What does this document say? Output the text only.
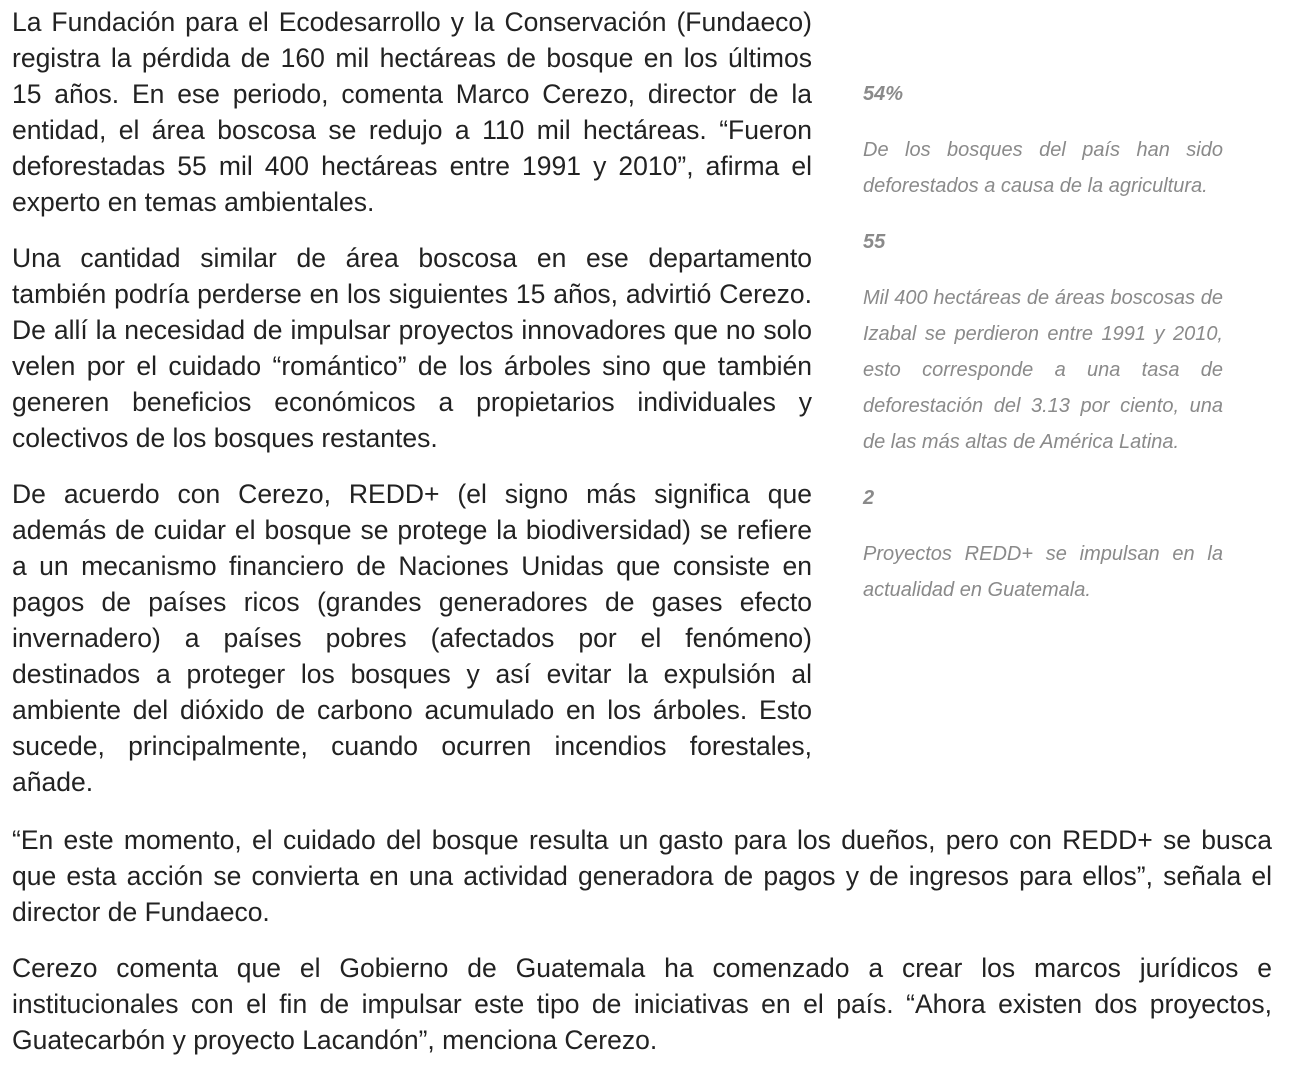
La Fundación para el Ecodesarrollo y la Conservación (Fundaeco) registra la pérdida de 160 mil hectáreas de bosque en los últimos 15 años. En ese periodo, comenta Marco Cerezo, director de la entidad, el área boscosa se redujo a 110 mil hectáreas. “Fueron deforestadas 55 mil 400 hectáreas entre 1991 y 2010”, afirma el experto en temas ambientales.

Una cantidad similar de área boscosa en ese departamento también podría perderse en los siguientes 15 años, advirtió Cerezo. De allí la necesidad de impulsar proyectos innovadores que no solo velen por el cuidado “romántico” de los árboles sino que también generen beneficios económicos a propietarios individuales y colectivos de los bosques restantes.

De acuerdo con Cerezo, REDD+ (el signo más significa que además de cuidar el bosque se protege la biodiversidad) se refiere a un mecanismo financiero de Naciones Unidas que consiste en pagos de países ricos (grandes generadores de gases efecto invernadero) a países pobres (afectados por el fenómeno) destinados a proteger los bosques y así evitar la expulsión al ambiente del dióxido de carbono acumulado en los árboles. Esto sucede, principalmente, cuando ocurren incendios forestales, añade.

54%

De los bosques del país han sido deforestados a causa de la agricultura.

55

Mil 400 hectáreas de áreas boscosas de Izabal se perdieron entre 1991 y 2010, esto corresponde a una tasa de deforestación del 3.13 por ciento, una de las más altas de América Latina.

2

Proyectos REDD+ se impulsan en la actualidad en Guatemala.

“En este momento, el cuidado del bosque resulta un gasto para los dueños, pero con REDD+ se busca que esta acción se convierta en una actividad generadora de pagos y de ingresos para ellos”, señala el director de Fundaeco.

Cerezo comenta que el Gobierno de Guatemala ha comenzado a crear los marcos jurídicos e institucionales con el fin de impulsar este tipo de iniciativas en el país. “Ahora existen dos proyectos, Guatecarbón y proyecto Lacandón”, menciona Cerezo.
